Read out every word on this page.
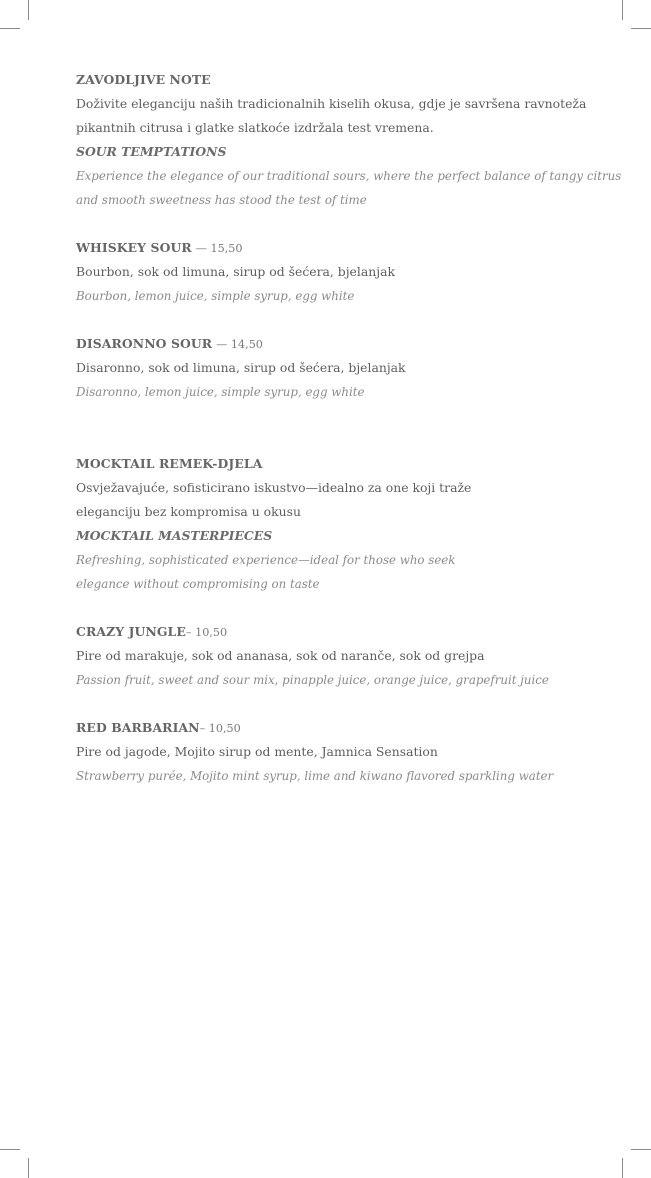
ZAVODLJIVE NOTE
Doživite eleganciju naših tradicionalnih kiselih okusa, gdje je savršena ravnoteža
pikantnih citrusa i glatke slatkoće izdržala test vremena.
SOUR TEMPTATIONS
Experience the elegance of our traditional sours, where the perfect balance of tangy citrus
and smooth sweetness has stood the test of time
WHISKEY SOUR — 15,50
Bourbon, sok od limuna, sirup od šećera, bjelanjak
Bourbon, lemon juice, simple syrup, egg white
DISARONNO SOUR — 14,50
Disaronno, sok od limuna, sirup od šećera, bjelanjak
Disaronno, lemon juice, simple syrup, egg white
MOCKTAIL REMEK-DJELA
Osvježavajuće, sofisticirano iskustvo—idealno za one koji traže
eleganciju bez kompromisa u okusu
MOCKTAIL MASTERPIECES
Refreshing, sophisticated experience—ideal for those who seek
elegance without compromising on taste
CRAZY JUNGLE– 10,50
Pire od marakuje, sok od ananasa, sok od naranče, sok od grejpa
Passion fruit, sweet and sour mix, pinapple juice, orange juice, grapefruit juice
RED BARBARIAN– 10,50
Pire od jagode, Mojito sirup od mente, Jamnica Sensation
Strawberry purée, Mojito mint syrup, lime and kiwano flavored sparkling water
